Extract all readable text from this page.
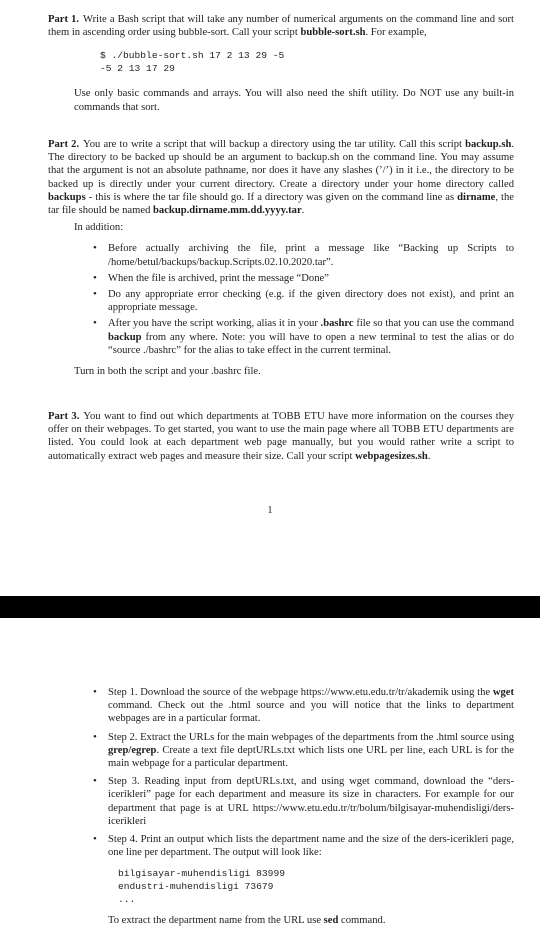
Part 1. Write a Bash script that will take any number of numerical arguments on the command line and sort them in ascending order using bubble-sort. Call your script bubble-sort.sh. For example,

$ ./bubble-sort.sh 17 2 13 29 -5
-5 2 13 17 29

Use only basic commands and arrays. You will also need the shift utility. Do NOT use any built-in commands that sort.

Part 2. You are to write a script that will backup a directory using the tar utility. Call this script backup.sh. The directory to be backed up should be an argument to backup.sh on the command line. You may assume that the argument is not an absolute pathname, nor does it have any slashes (’/’) in it i.e., the directory to be backed up is directly under your current directory. Create a directory under your home directory called backups - this is where the tar file should go. If a directory was given on the command line as dirname, the tar file should be named backup.dirname.mm.dd.yyyy.tar.

In addition:

• Before actually archiving the file, print a message like “Backing up Scripts to /home/betul/backups/backup.Scripts.02.10.2020.tar”.
• When the file is archived, print the message “Done”
• Do any appropriate error checking (e.g. if the given directory does not exist), and print an appropriate message.
• After you have the script working, alias it in your .bashrc file so that you can use the command backup from any where. Note: you will have to open a new terminal to test the alias or do “source ./bashrc” for the alias to take effect in the current terminal.

Turn in both the script and your .bashrc file.

Part 3. You want to find out which departments at TOBB ETU have more information on the courses they offer on their webpages. To get started, you want to use the main page where all TOBB ETU departments are listed. You could look at each department web page manually, but you would rather write a script to automatically extract web pages and measure their size. Call your script webpagesizes.sh.

1
• Step 1. Download the source of the webpage https://www.etu.edu.tr/tr/akademik using the wget command. Check out the .html source and you will notice that the links to department webpages are in a particular format.
• Step 2. Extract the URLs for the main webpages of the departments from the .html source using grep/egrep. Create a text file deptURLs.txt which lists one URL per line, each URL is for the main webpage for a particular department.
• Step 3. Reading input from deptURLs.txt, and using wget command, download the “ders-icerikleri” page for each department and measure its size in characters. For example for our department that page is at URL https://www.etu.edu.tr/tr/bolum/bilgisayar-muhendisligi/ders-icerikleri
• Step 4. Print an output which lists the department name and the size of the ders-icerikleri page, one line per department. The output will look like:
bilgisayar-muhendisligi 83999
endustri-muhendisligi 73679
...
To extract the department name from the URL use sed command.
